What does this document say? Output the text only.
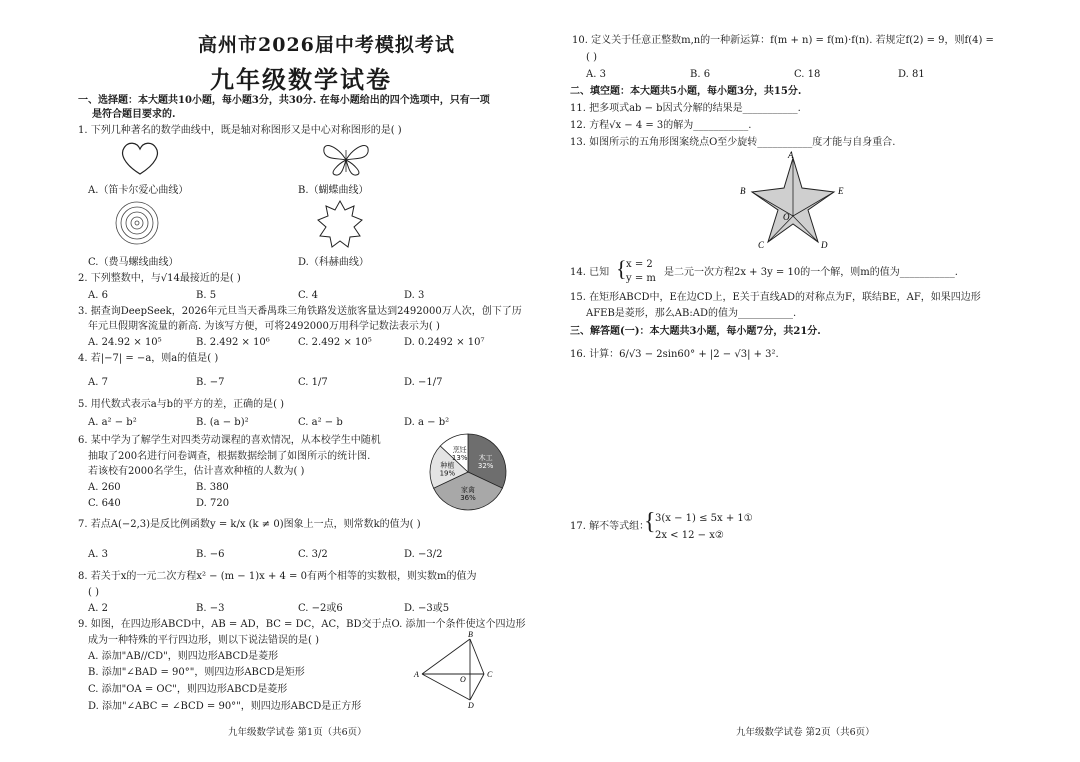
高州市2026届中考模拟考试
九年级数学试卷
一、选择题：本大题共10小题，每小题3分，共30分. 在每小题给出的四个选项中，只有一项
是符合题目要求的.
1. 下列几种著名的数学曲线中，既是轴对称图形又是中心对称图形的是( )
A.（笛卡尔爱心曲线）	B.（蝴蝶曲线）
C.（费马螺线曲线）	D.（科赫曲线）
2. 下列整数中，与√14最接近的是( )
A. 6	B. 5	C. 4	D. 3
3. 据查询DeepSeek，2026年元旦当天番禺珠三角铁路发送旅客量达到2492000万人次，创下了历
年元旦假期客流量的新高. 为该写方便，可将2492000万用科学记数法表示为( )
A. 24.92 × 10⁵	B. 2.492 × 10⁶	C. 2.492 × 10⁵	D. 0.2492 × 10⁷
4. 若|−7| = −a，则a的值是( )
A. 7	B. −7	C. 1/7	D. −1/7
5. 用代数式表示a与b的平方的差，正确的是( )
A. a² − b²	B. (a − b)²	C. a² − b	D. a − b²
6. 某中学为了解学生对四类劳动课程的喜欢情况，从本校学生中随机
抽取了200名进行问卷调查，根据数据绘制了如图所示的统计图.
若该校有2000名学生，估计喜欢种植的人数为( )
A. 260	B. 380
C. 640	D. 720
木工
32%
家禽
36%
种植
19%
烹饪
13%
7. 若点A(−2,3)是反比例函数y = k/x (k ≠ 0)图象上一点，则常数k的值为( )
A. 3	B. −6	C. 3/2	D. −3/2
8. 若关于x的一元二次方程x² − (m − 1)x + 4 = 0有两个相等的实数根，则实数m的值为
( )
A. 2	B. −3	C. −2或6	D. −3或5
9. 如图，在四边形ABCD中，AB = AD，BC = DC，AC，BD交于点O. 添加一个条件使这个四边形
成为一种特殊的平行四边形，则以下说法错误的是( )
A. 添加"AB//CD"，则四边形ABCD是菱形
B. 添加"∠BAD = 90°"，则四边形ABCD是矩形
C. 添加"OA = OC"，则四边形ABCD是菱形
D. 添加"∠ABC = ∠BCD = 90°"，则四边形ABCD是正方形
A
B
C
D
O
九年级数学试卷 第1页（共6页）
10. 定义关于任意正整数m,n的一种新运算：f(m + n) = f(m)·f(n). 若规定f(2) = 9，则f(4) =
( )
A. 3	B. 6	C. 18	D. 81
二、填空题：本大题共5小题，每小题3分，共15分.
11. 把多项式ab − b因式分解的结果是___________.
12. 方程√x − 4 = 3的解为___________.
13. 如图所示的五角形图案绕点O至少旋转___________度才能与自身重合.
A
B	E
C	D
O
14. 已知 { x = 2
y = m
是二元一次方程2x + 3y = 10的一个解，则m的值为___________.
15. 在矩形ABCD中，E在边CD上，E关于直线AD的对称点为F，联结BE，AF，如果四边形
AFEB是菱形，那么AB:AD的值为___________.
三、解答题(一)：本大题共3小题，每小题7分，共21分.
16. 计算：6/√3 − 2sin60° + |2 − √3| + 3².
17. 解不等式组：
{ 3(x − 1) ≤ 5x + 1①
2x < 12 − x②
九年级数学试卷 第2页（共6页）
